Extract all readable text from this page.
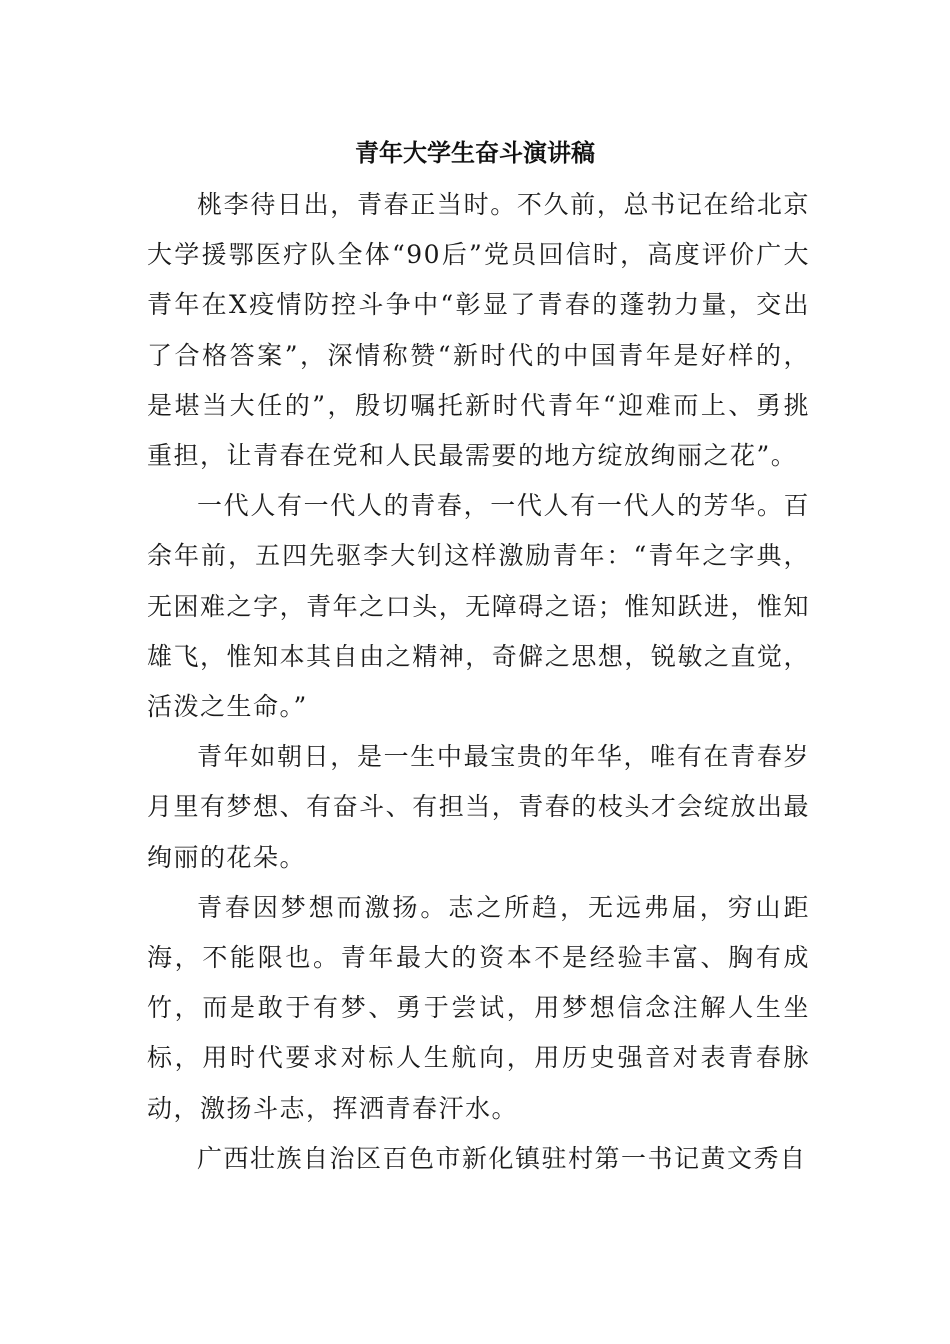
青年大学生奋斗演讲稿

桃李待日出，青春正当时。不久前，总书记在给北京大学援鄂医疗队全体“90后”党员回信时，高度评价广大青年在X疫情防控斗争中“彰显了青春的蓬勃力量，交出了合格答案”，深情称赞“新时代的中国青年是好样的，是堪当大任的”，殷切嘱托新时代青年“迎难而上、勇挑重担，让青春在党和人民最需要的地方绽放绚丽之花”。

一代人有一代人的青春，一代人有一代人的芳华。百余年前，五四先驱李大钊这样激励青年：“青年之字典，无困难之字，青年之口头，无障碍之语；惟知跃进，惟知雄飞，惟知本其自由之精神，奇僻之思想，锐敏之直觉，活泼之生命。”

青年如朝日，是一生中最宝贵的年华，唯有在青春岁月里有梦想、有奋斗、有担当，青春的枝头才会绽放出最绚丽的花朵。

青春因梦想而激扬。志之所趋，无远弗届，穷山距海，不能限也。青年最大的资本不是经验丰富、胸有成竹，而是敢于有梦、勇于尝试，用梦想信念注解人生坐标，用时代要求对标人生航向，用历史强音对表青春脉动，激扬斗志，挥洒青春汗水。

广西壮族自治区百色市新化镇驻村第一书记黄文秀自
